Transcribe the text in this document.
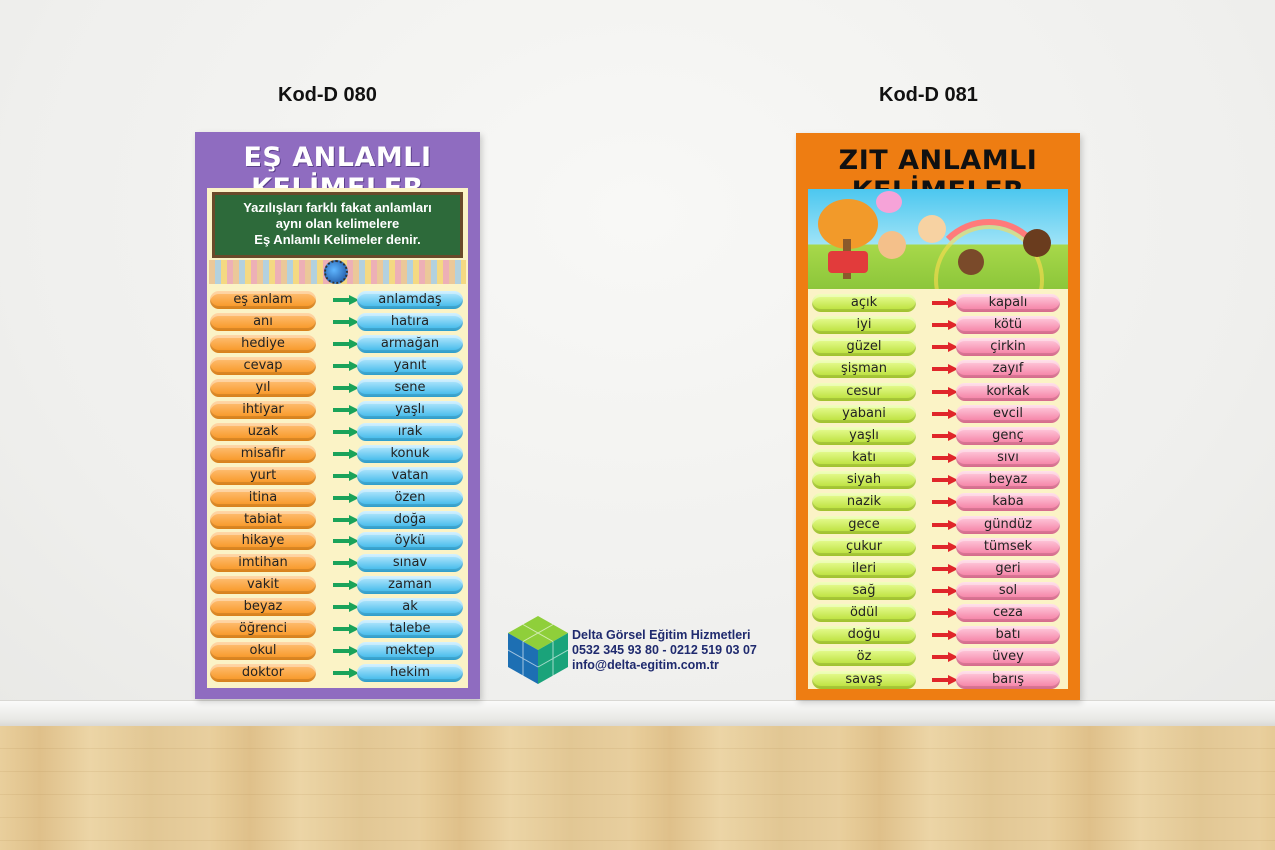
Kod-D 080	Kod-D 081
EŞ ANLAMLI
Yazılışları farklı fakat anlamları
aynı olan kelimelere
Eş Anlamlı Kelimeler denir.
eş anlam	anlamdaş
anı	hatıra
hediye	armağan
cevap	yanıt
yıl	sene
ihtiyar	yaşlı
uzak	ırak
misafir	konuk
yurt	vatan
itina	özen
tabiat	doğa
hikaye	öykü
imtihan	sınav
vakit	zaman
beyaz	ak
öğrenci	talebe
okul	mektep
doktor	hekim
ZIT ANLAMLI
açık	kapalı
iyi	kötü
güzel	çirkin
şişman	zayıf
cesur	korkak
yabani	evcil
yaşlı	genç
katı	sıvı
siyah	beyaz
nazik	kaba
gece	gündüz
çukur	tümsek
ileri	geri
sağ	sol
ödül	ceza
doğu	batı
öz	üvey
savaş	barış
Delta Görsel Eğitim Hizmetleri
0532 345 93 80 - 0212 519 03 07
info@delta-egitim.com.tr
